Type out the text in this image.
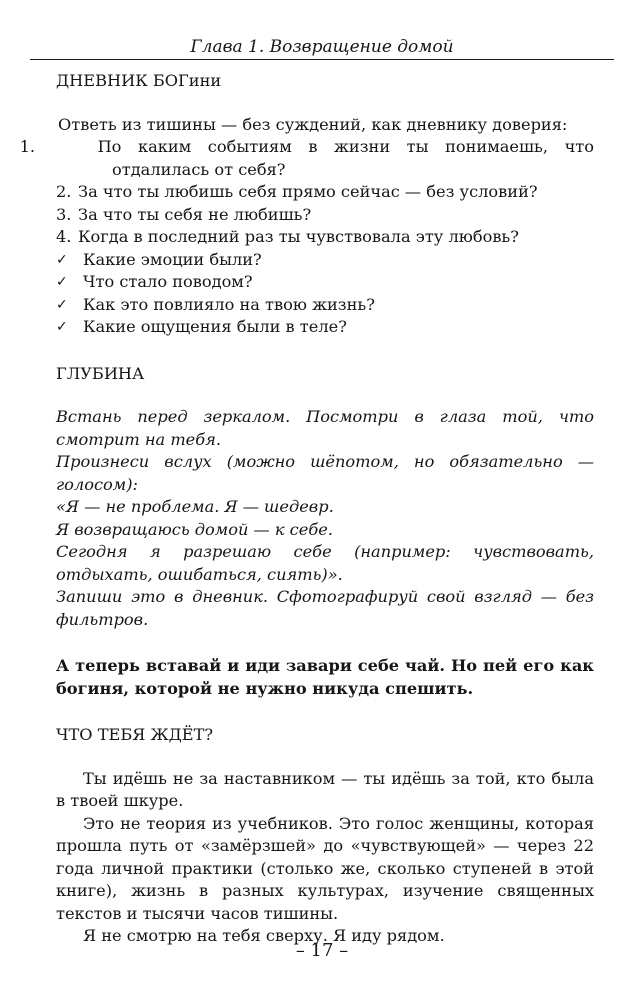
Глава 1. Возвращение домой
ДНЕВНИК БОГини

Ответь из тишины — без суждений, как дневнику доверия:

1.	По каким событиям в жизни ты понимаешь, что отдалилась от себя?
2. За что ты любишь себя прямо сейчас — без условий?
3. За что ты себя не любишь?
4. Когда в последний раз ты чувствовала эту любовь?
✓ Какие эмоции были?
✓ Что стало поводом?
✓ Как это повлияло на твою жизнь?
✓ Какие ощущения были в теле?
ГЛУБИНА

Встань перед зеркалом. Посмотри в глаза той, что смотрит на тебя.

Произнеси вслух (можно шёпотом, но обязательно — голосом):

«Я — не проблема. Я — шедевр.

Я возвращаюсь домой — к себе.

Сегодня я разрешаю себе (например: чувствовать, отдыхать, ошибаться, сиять)».

Запиши это в дневник. Сфотографируй свой взгляд — без фильтров.

А теперь вставай и иди завари себе чай. Но пей его как богиня, которой не нужно никуда спешить.

ЧТО ТЕБЯ ЖДЁТ?

Ты идёшь не за наставником — ты идёшь за той, кто была в твоей шкуре.

Это не теория из учебников. Это голос женщины, которая прошла путь от «замёрзшей» до «чувствующей» — через 22 года личной практики (столько же, сколько ступеней в этой книге), жизнь в разных культурах, изучение священных текстов и тысячи часов тишины.

Я не смотрю на тебя сверху. Я иду рядом.

– 17 –
